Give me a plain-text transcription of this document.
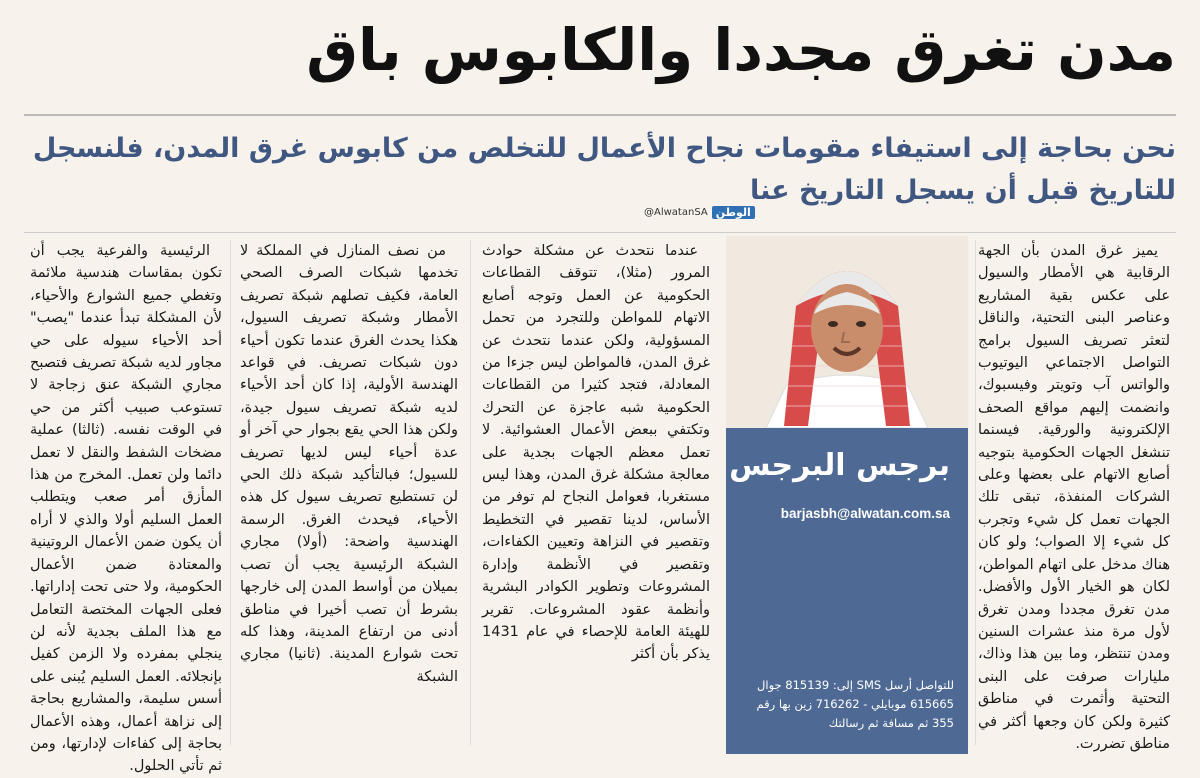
مدن تغرق مجددا والكابوس باق
نحن بحاجة إلى استيفاء مقومات نجاح الأعمال للتخلص من كابوس غرق المدن، فلنسجل للتاريخ قبل أن يسجل التاريخ عنا
@AlwatanSA الوطن

يميز غرق المدن بأن الجهة الرقابية هي الأمطار والسيول على عكس بقية المشاريع وعناصر البنى التحتية، والناقل لتعثر تصريف السيول برامج التواصل الاجتماعي اليوتيوب والواتس آب وتويتر وفيسبوك، وانضمت إليهم مواقع الصحف الإلكترونية والورقية. فيسنما تنشغل الجهات الحكومية بتوجيه أصابع الاتهام على بعضها وعلى الشركات المنفذة، تبقى تلك الجهات تعمل كل شيء وتجرب كل شيء إلا الصواب؛ ولو كان هناك مدخل على اتهام المواطن، لكان هو الخيار الأول والأفضل. مدن تغرق مجددا ومدن تغرق لأول مرة منذ عشرات السنين ومدن تنتظر، وما بين هذا وذاك، مليارات صرفت على البنى التحتية وأثمرت في مناطق كثيرة ولكن كان وجعها أكثر في مناطق تضررت.

برجس البرجس
barjasbh@alwatan.com.sa
للتواصل أرسل SMS إلى: 815139 جوال 615665 موبايلي - 716262 زين بها رقم 355 ثم مسافة ثم رسالتك

عندما نتحدث عن مشكلة حوادث المرور (مثلا)، تتوقف القطاعات الحكومية عن العمل وتوجه أصابع الاتهام للمواطن وللتجرد من تحمل المسؤولية، ولكن عندما نتحدث عن غرق المدن، فالمواطن ليس جزءا من المعادلة، فتجد كثيرا من القطاعات الحكومية شبه عاجزة عن التحرك وتكتفي ببعض الأعمال العشوائية. لا تعمل معظم الجهات بجدية على معالجة مشكلة غرق المدن، وهذا ليس مستغربا، فعوامل النجاح لم توفر من الأساس، لدينا تقصير في التخطيط وتقصير في النزاهة وتعيين الكفاءات، وتقصير في الأنظمة وإدارة المشروعات وتطوير الكوادر البشرية وأنظمة عقود المشروعات. تقرير للهيئة العامة للإحصاء في عام 1431 يذكر بأن أكثر

من نصف المنازل في المملكة لا تخدمها شبكات الصرف الصحي العامة، فكيف تصلهم شبكة تصريف الأمطار وشبكة تصريف السيول، هكذا يحدث الغرق عندما تكون أحياء دون شبكات تصريف. في قواعد الهندسة الأولية، إذا كان أحد الأحياء لديه شبكة تصريف سيول جيدة، ولكن هذا الحي يقع بجوار حي آخر أو عدة أحياء ليس لديها تصريف للسيول؛ فبالتأكيد شبكة ذلك الحي لن تستطيع تصريف سيول كل هذه الأحياء، فيحدث الغرق. الرسمة الهندسية واضحة: (أولا) مجاري الشبكة الرئيسية يجب أن تصب بميلان من أواسط المدن إلى خارجها بشرط أن تصب أخيرا في مناطق أدنى من ارتفاع المدينة، وهذا كله تحت شوارع المدينة. (ثانيا) مجاري الشبكة

الرئيسية والفرعية يجب أن تكون بمقاسات هندسية ملائمة وتغطي جميع الشوارع والأحياء، لأن المشكلة تبدأ عندما "يصب" أحد الأحياء سيوله على حي مجاور لديه شبكة تصريف فتصبح مجاري الشبكة عنق زجاجة لا تستوعب صبيب أكثر من حي في الوقت نفسه. (ثالثا) عملية مضخات الشفط والنقل لا تعمل دائما ولن تعمل. المخرج من هذا المأزق أمر صعب ويتطلب العمل السليم أولا والذي لا أراه أن يكون ضمن الأعمال الروتينية والمعتادة ضمن الأعمال الحكومية، ولا حتى تحت إداراتها. فعلى الجهات المختصة التعامل مع هذا الملف بجدية لأنه لن ينجلي بمفرده ولا الزمن كفيل بإنجلائه. العمل السليم يُبنى على أسس سليمة، والمشاريع بحاجة إلى نزاهة أعمال، وهذه الأعمال بحاجة إلى كفاءات لإدارتها، ومن ثم تأتي الحلول.
